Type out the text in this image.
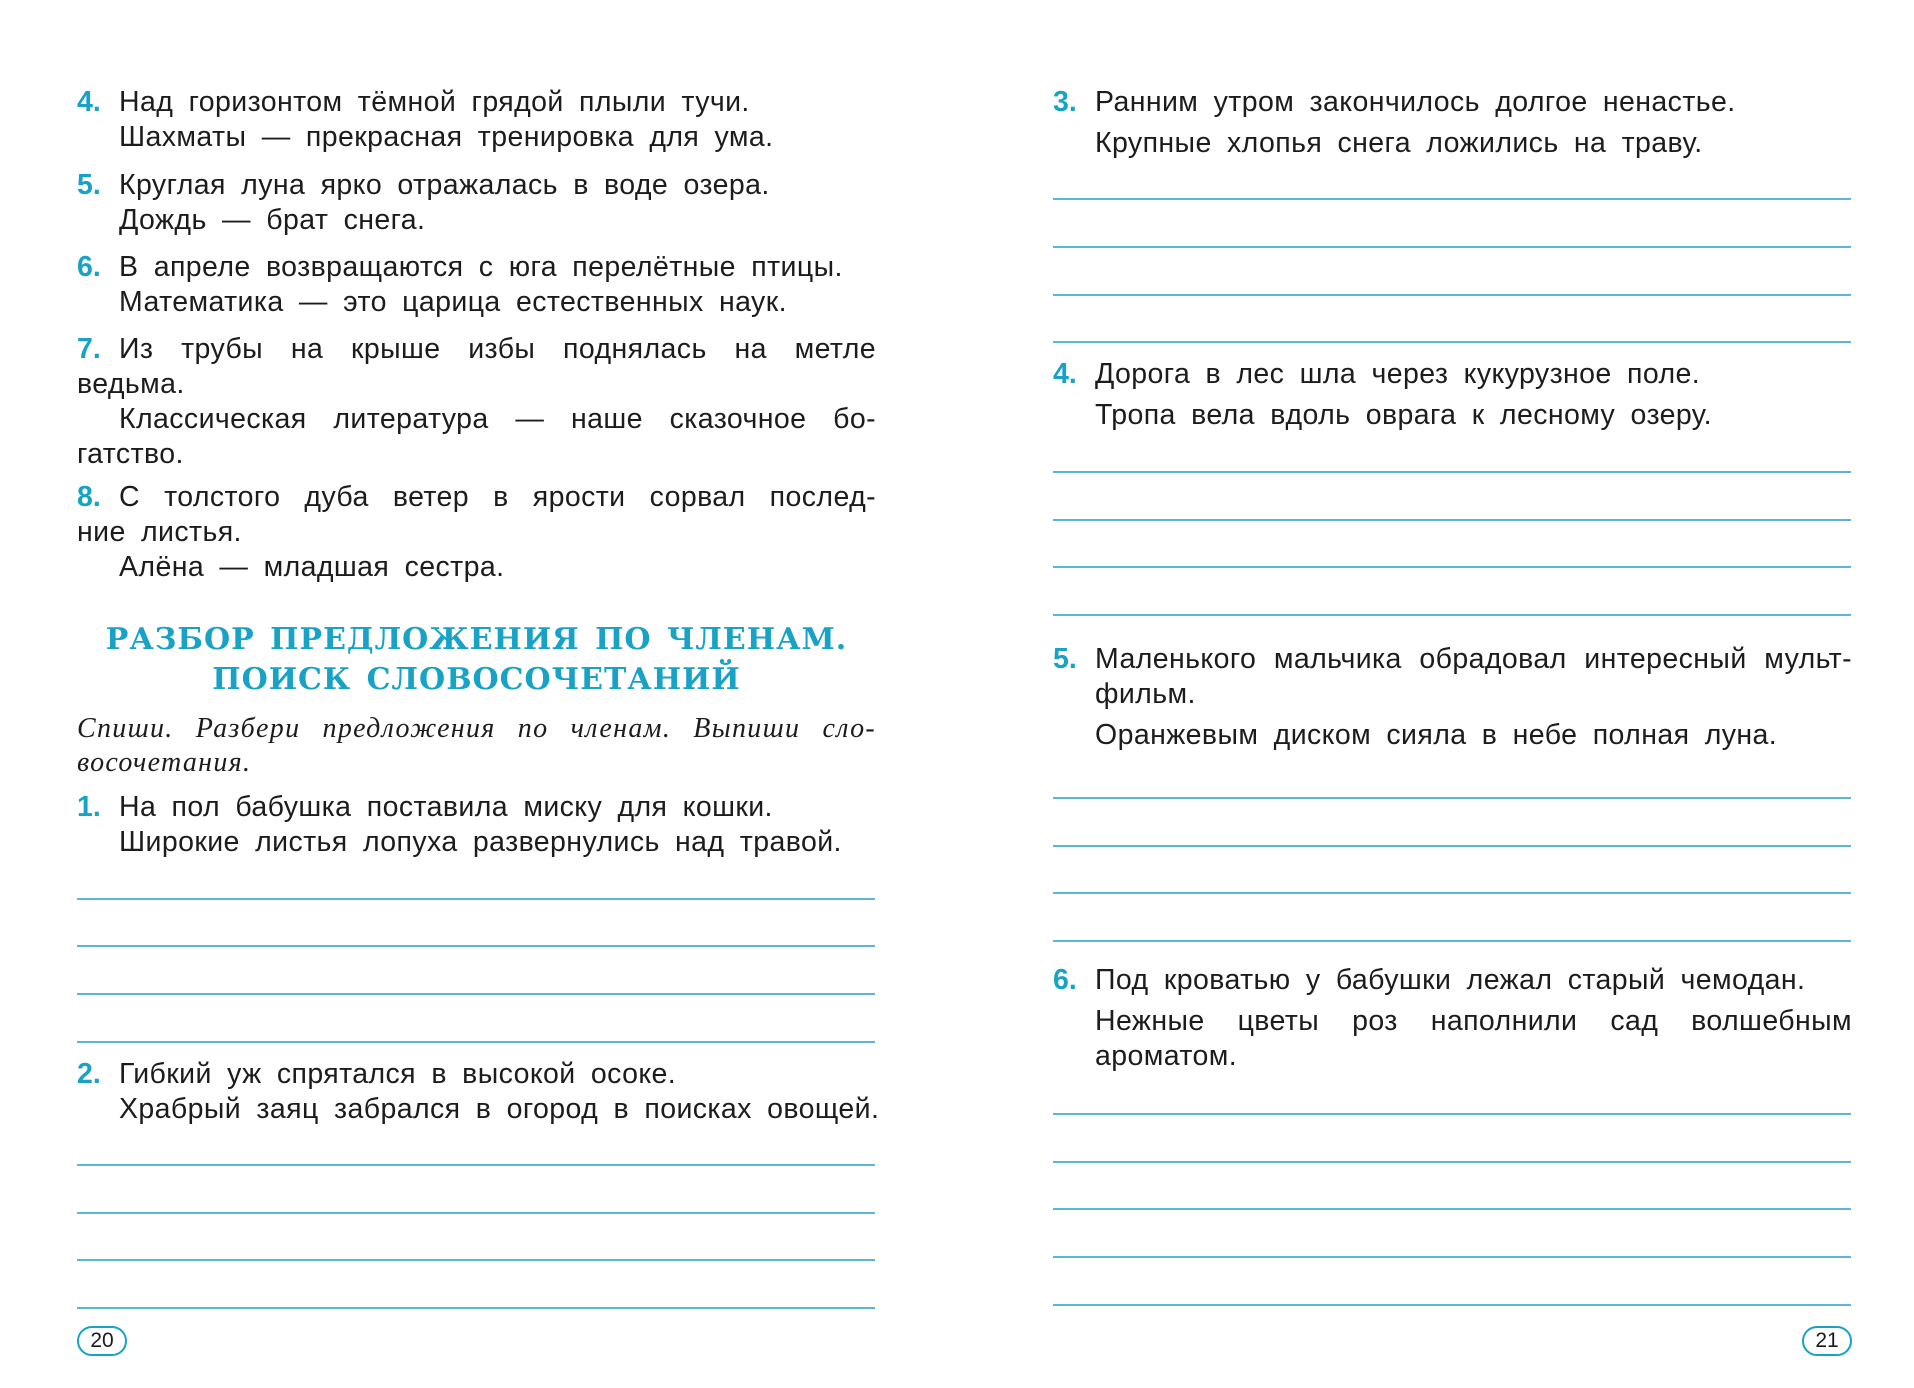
4. Над горизонтом тёмной грядой плыли тучи.
Шахматы — прекрасная тренировка для ума.
5. Круглая луна ярко отражалась в воде озера.
Дождь — брат снега.
6. В апреле возвращаются с юга перелётные птицы.
Математика — это царица естественных наук.
7. Из трубы на крыше избы поднялась на метле
ведьма.
Классическая литература — наше сказочное бо-
гатство.
8. С толстого дуба ветер в ярости сорвал послед-
ние листья.
Алёна — младшая сестра.
РАЗБОР ПРЕДЛОЖЕНИЯ ПО ЧЛЕНАМ.
ПОИСК СЛОВОСОЧЕТАНИЙ
Спиши. Разбери предложения по членам. Выпиши сло-
восочетания.
1. На пол бабушка поставила миску для кошки.
Широкие листья лопуха развернулись над травой.
2. Гибкий уж спрятался в высокой осоке.
Храбрый заяц забрался в огород в поисках овощей.
20
3. Ранним утром закончилось долгое ненастье.
Крупные хлопья снега ложились на траву.
4. Дорога в лес шла через кукурузное поле.
Тропа вела вдоль оврага к лесному озеру.
5. Маленького мальчика обрадовал интересный мульт-
фильм.
Оранжевым диском сияла в небе полная луна.
6. Под кроватью у бабушки лежал старый чемодан.
Нежные цветы роз наполнили сад волшебным
ароматом.
21
